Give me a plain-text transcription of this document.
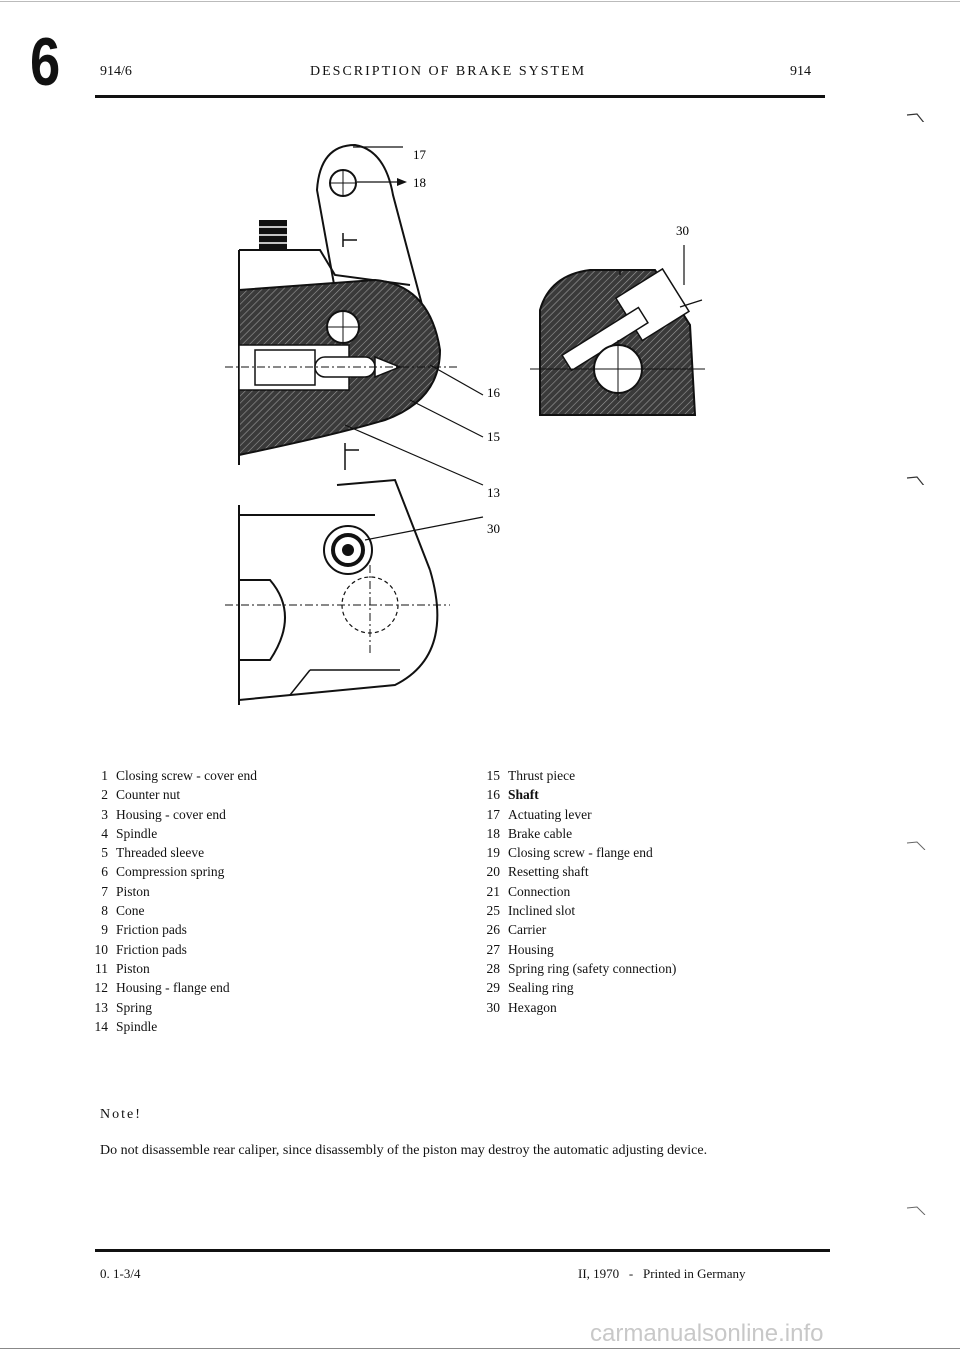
6	914/6	DESCRIPTION OF BRAKE SYSTEM	914
17
18
16
15
13
30
30
1 Closing screw - cover end
2 Counter nut
3 Housing - cover end
4 Spindle
5 Threaded sleeve
6 Compression spring
7 Piston
8 Cone
9 Friction pads
10 Friction pads
11 Piston
12 Housing - flange end
13 Spring
14 Spindle
15 Thrust piece
16 Shaft
17 Actuating lever
18 Brake cable
19 Closing screw - flange end
20 Resetting shaft
21 Connection
25 Inclined slot
26 Carrier
27 Housing
28 Spring ring (safety connection)
29 Sealing ring
30 Hexagon
Note!
Do not disassemble rear caliper, since disassembly of the piston may destroy the automatic adjusting device.
0. 1-3/4	II, 1970   -   Printed in Germany
carmanualsonline.info
